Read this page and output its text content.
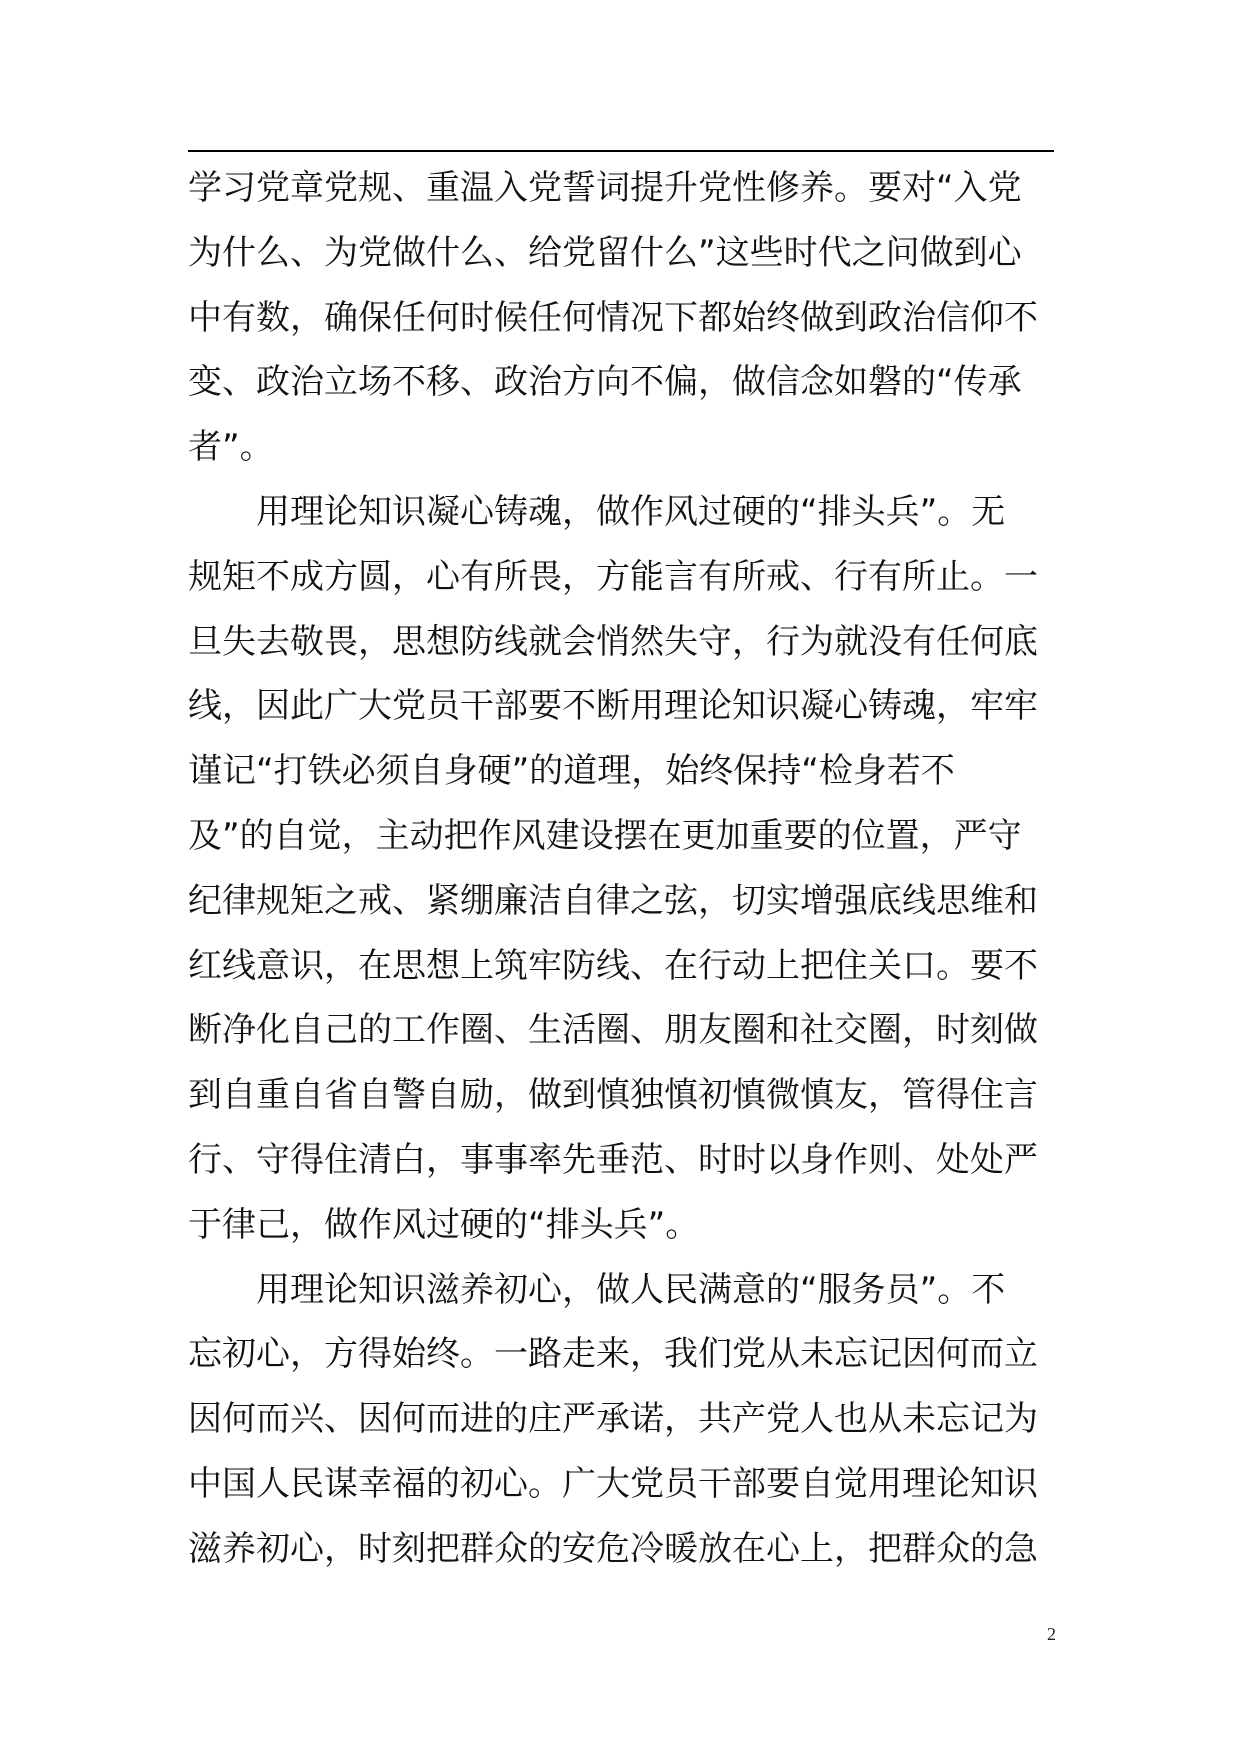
学习党章党规、重温入党誓词提升党性修养。要对“入党
为什么、为党做什么、给党留什么”这些时代之问做到心
中有数，确保任何时候任何情况下都始终做到政治信仰不
变、政治立场不移、政治方向不偏，做信念如磐的“传承
者”。
用理论知识凝心铸魂，做作风过硬的“排头兵”。无
规矩不成方圆，心有所畏，方能言有所戒、行有所止。一
旦失去敬畏，思想防线就会悄然失守，行为就没有任何底
线，因此广大党员干部要不断用理论知识凝心铸魂，牢牢
谨记“打铁必须自身硬”的道理，始终保持“检身若不
及”的自觉，主动把作风建设摆在更加重要的位置，严守
纪律规矩之戒、紧绷廉洁自律之弦，切实增强底线思维和
红线意识，在思想上筑牢防线、在行动上把住关口。要不
断净化自己的工作圈、生活圈、朋友圈和社交圈，时刻做
到自重自省自警自励，做到慎独慎初慎微慎友，管得住言
行、守得住清白，事事率先垂范、时时以身作则、处处严
于律己，做作风过硬的“排头兵”。
用理论知识滋养初心，做人民满意的“服务员”。不
忘初心，方得始终。一路走来，我们党从未忘记因何而立
因何而兴、因何而进的庄严承诺，共产党人也从未忘记为
中国人民谋幸福的初心。广大党员干部要自觉用理论知识
滋养初心，时刻把群众的安危冷暖放在心上，把群众的急
2
